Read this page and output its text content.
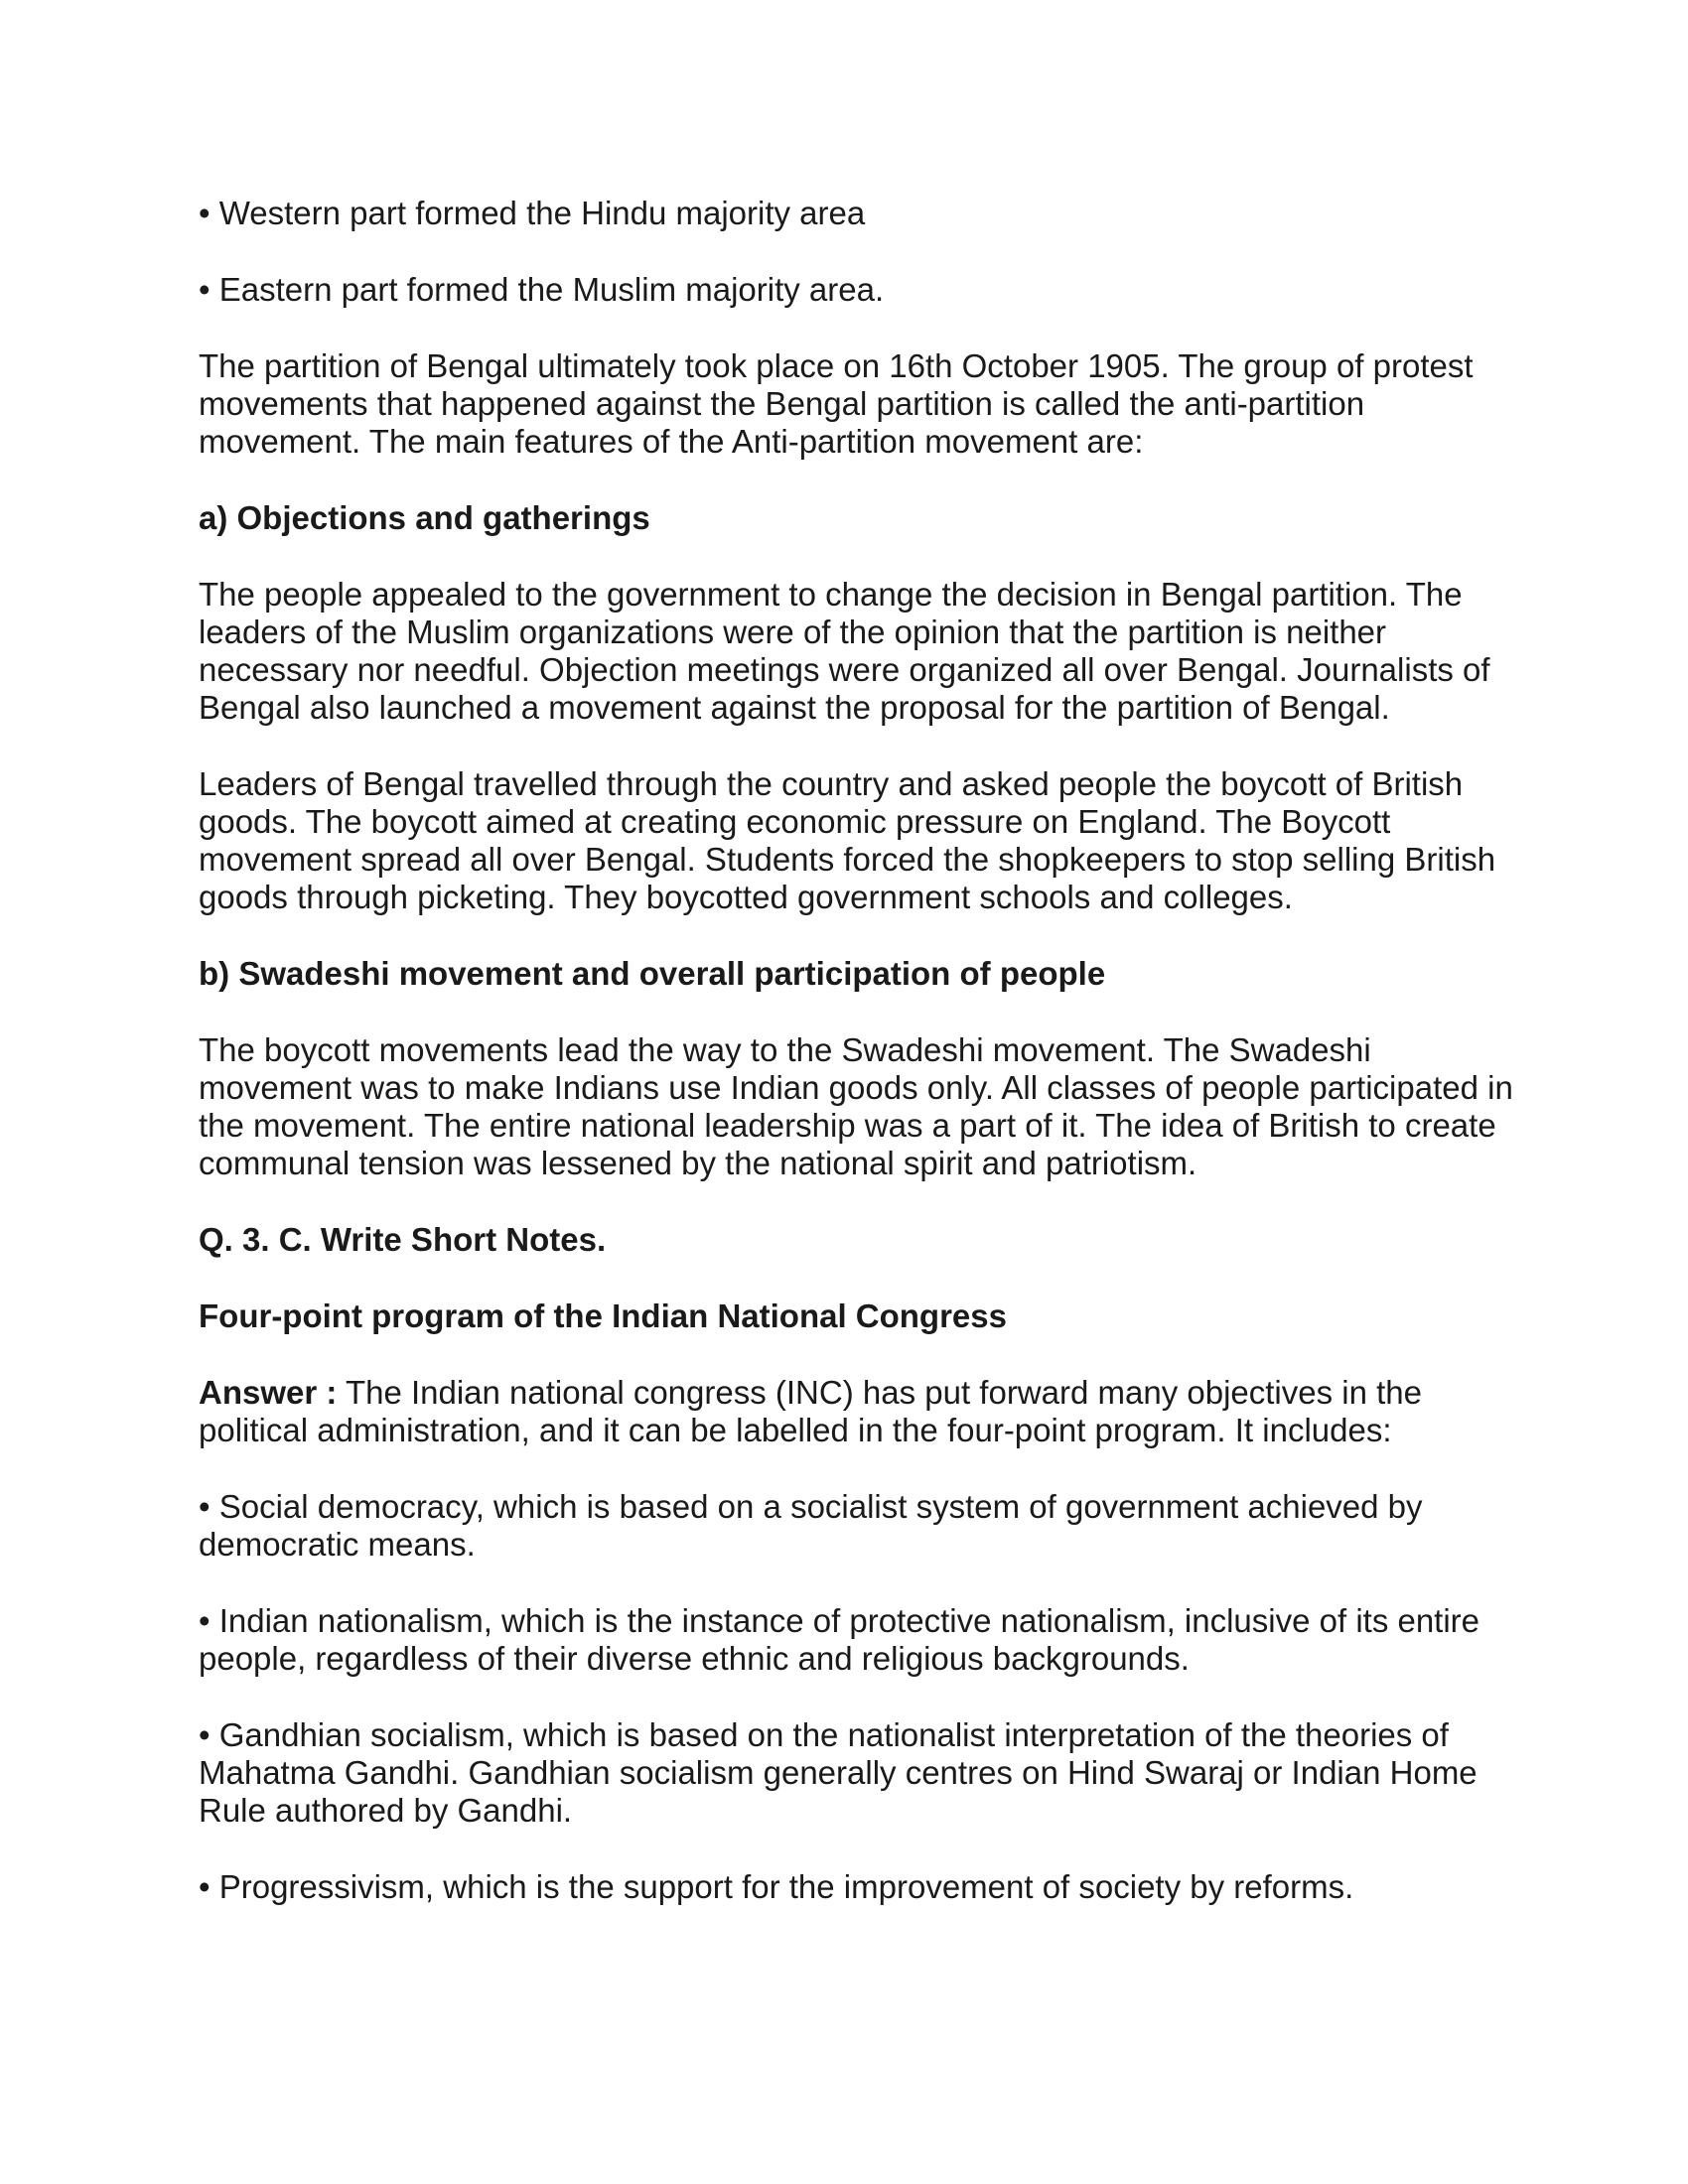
• Western part formed the Hindu majority area

• Eastern part formed the Muslim majority area.

The partition of Bengal ultimately took place on 16th October 1905. The group of protest movements that happened against the Bengal partition is called the anti-partition movement. The main features of the Anti-partition movement are:

a) Objections and gatherings

The people appealed to the government to change the decision in Bengal partition. The leaders of the Muslim organizations were of the opinion that the partition is neither necessary nor needful. Objection meetings were organized all over Bengal. Journalists of Bengal also launched a movement against the proposal for the partition of Bengal.

Leaders of Bengal travelled through the country and asked people the boycott of British goods. The boycott aimed at creating economic pressure on England. The Boycott movement spread all over Bengal. Students forced the shopkeepers to stop selling British goods through picketing. They boycotted government schools and colleges.

b) Swadeshi movement and overall participation of people

The boycott movements lead the way to the Swadeshi movement. The Swadeshi movement was to make Indians use Indian goods only. All classes of people participated in the movement. The entire national leadership was a part of it. The idea of British to create communal tension was lessened by the national spirit and patriotism.

Q. 3. C. Write Short Notes.

Four-point program of the Indian National Congress

Answer : The Indian national congress (INC) has put forward many objectives in the political administration, and it can be labelled in the four-point program. It includes:

• Social democracy, which is based on a socialist system of government achieved by democratic means.

• Indian nationalism, which is the instance of protective nationalism, inclusive of its entire people, regardless of their diverse ethnic and religious backgrounds.

• Gandhian socialism, which is based on the nationalist interpretation of the theories of Mahatma Gandhi. Gandhian socialism generally centres on Hind Swaraj or Indian Home Rule authored by Gandhi.

• Progressivism, which is the support for the improvement of society by reforms.
